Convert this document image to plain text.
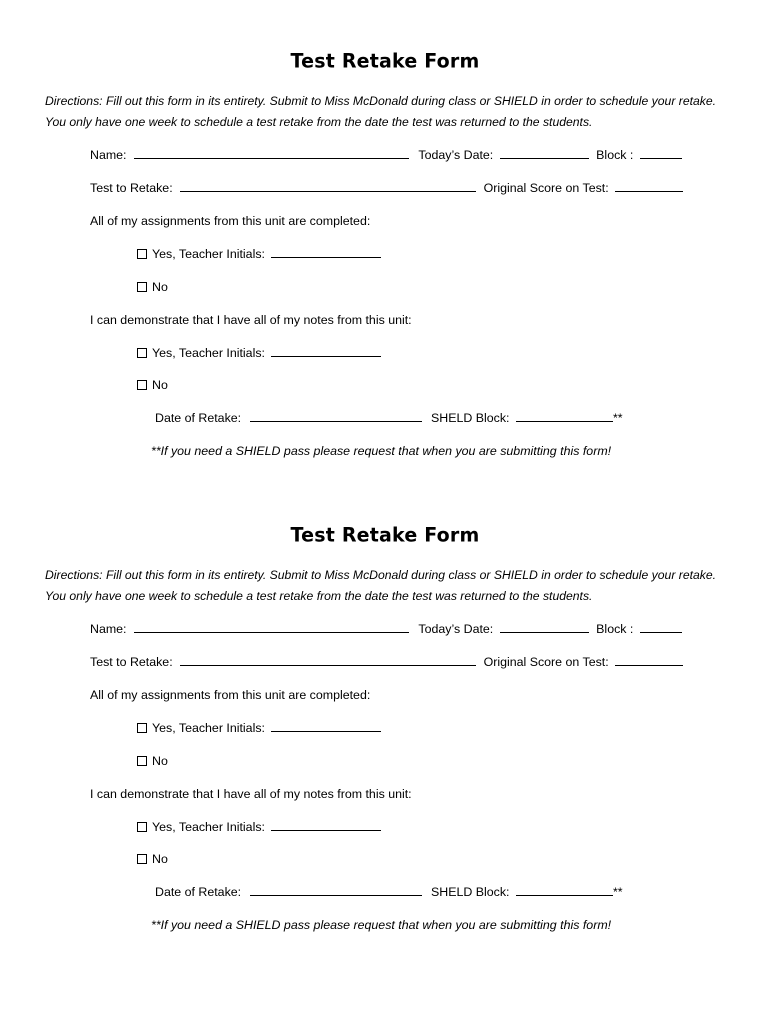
Test Retake Form
Directions: Fill out this form in its entirety. Submit to Miss McDonald during class or SHIELD in order to schedule your retake. You only have one week to schedule a test retake from the date the test was returned to the students.
Name:	Today’s Date:	Block :
Test to Retake:	Original Score on Test:
All of my assignments from this unit are completed:
Yes, Teacher Initials:
No
I can demonstrate that I have all of my notes from this unit:
Yes, Teacher Initials:
No
Date of Retake:	SHELD Block:	**
**If you need a SHIELD pass please request that when you are submitting this form!
Test Retake Form
Directions: Fill out this form in its entirety. Submit to Miss McDonald during class or SHIELD in order to schedule your retake. You only have one week to schedule a test retake from the date the test was returned to the students.
Name:	Today’s Date:	Block :
Test to Retake:	Original Score on Test:
All of my assignments from this unit are completed:
Yes, Teacher Initials:
No
I can demonstrate that I have all of my notes from this unit:
Yes, Teacher Initials:
No
Date of Retake:	SHELD Block:	**
**If you need a SHIELD pass please request that when you are submitting this form!
